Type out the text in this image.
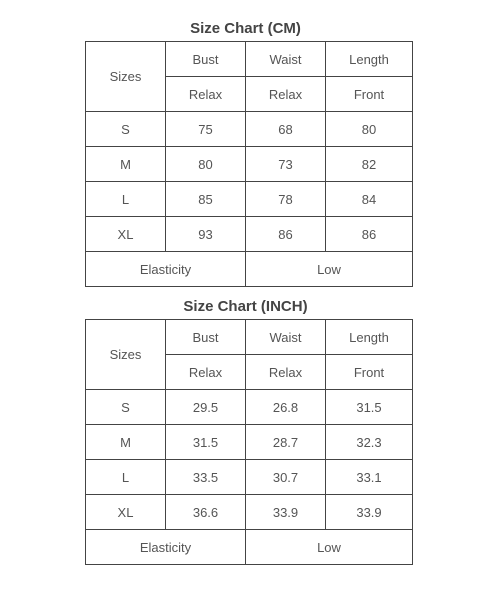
Size Chart (CM)
Sizes	Bust	Waist	Length
	Relax	Relax	Front
S	75	68	80
M	80	73	82
L	85	78	84
XL	93	86	86
Elasticity		Low	
Size Chart (INCH)
Sizes	Bust	Waist	Length
	Relax	Relax	Front
S	29.5	26.8	31.5
M	31.5	28.7	32.3
L	33.5	30.7	33.1
XL	36.6	33.9	33.9
Elasticity		Low	
